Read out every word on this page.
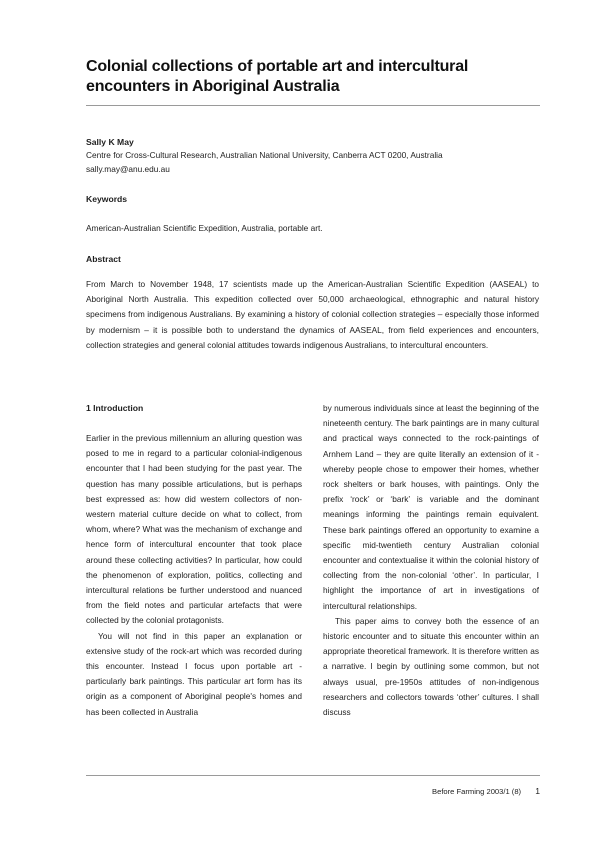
Colonial collections of portable art and intercultural encounters in Aboriginal Australia
Sally K May
Centre for Cross-Cultural Research, Australian National University, Canberra ACT 0200, Australia
sally.may@anu.edu.au
Keywords
American-Australian Scientific Expedition, Australia, portable art.
Abstract

From March to November 1948, 17 scientists made up the American-Australian Scientific Expedition (AASEAL) to Aboriginal North Australia. This expedition collected over 50,000 archaeological, ethnographic and natural history specimens from indigenous Australians. By examining a history of colonial collection strategies – especially those informed by modernism – it is possible both to understand the dynamics of AASEAL, from field experiences and encounters, collection strategies and general colonial attitudes towards indigenous Australians, to intercultural encounters.

1 Introduction

Earlier in the previous millennium an alluring question was posed to me in regard to a particular colonial-indigenous encounter that I had been studying for the past year. The question has many possible articulations, but is perhaps best expressed as: how did western collectors of non-western material culture decide on what to collect, from whom, where? What was the mechanism of exchange and hence form of intercultural encounter that took place around these collecting activities? In particular, how could the phenomenon of exploration, politics, collecting and intercultural relations be further understood and nuanced from the field notes and particular artefacts that were collected by the colonial protagonists.

You will not find in this paper an explanation or extensive study of the rock-art which was recorded during this encounter. Instead I focus upon portable art - particularly bark paintings. This particular art form has its origin as a component of Aboriginal people's homes and has been collected in Australia

by numerous individuals since at least the beginning of the nineteenth century. The bark paintings are in many cultural and practical ways connected to the rock-paintings of Arnhem Land – they are quite literally an extension of it - whereby people chose to empower their homes, whether rock shelters or bark houses, with paintings. Only the prefix ‘rock’ or ‘bark’ is variable and the dominant meanings informing the paintings remain equivalent. These bark paintings offered an opportunity to examine a specific mid-twentieth century Australian colonial encounter and contextualise it within the colonial history of collecting from the non-colonial ‘other’. In particular, I highlight the importance of art in investigations of intercultural relationships.

This paper aims to convey both the essence of an historic encounter and to situate this encounter within an appropriate theoretical framework. It is therefore written as a narrative. I begin by outlining some common, but not always usual, pre-1950s attitudes of non-indigenous researchers and collectors towards ‘other’ cultures. I shall discuss

Before Farming 2003/1 (8) 1
